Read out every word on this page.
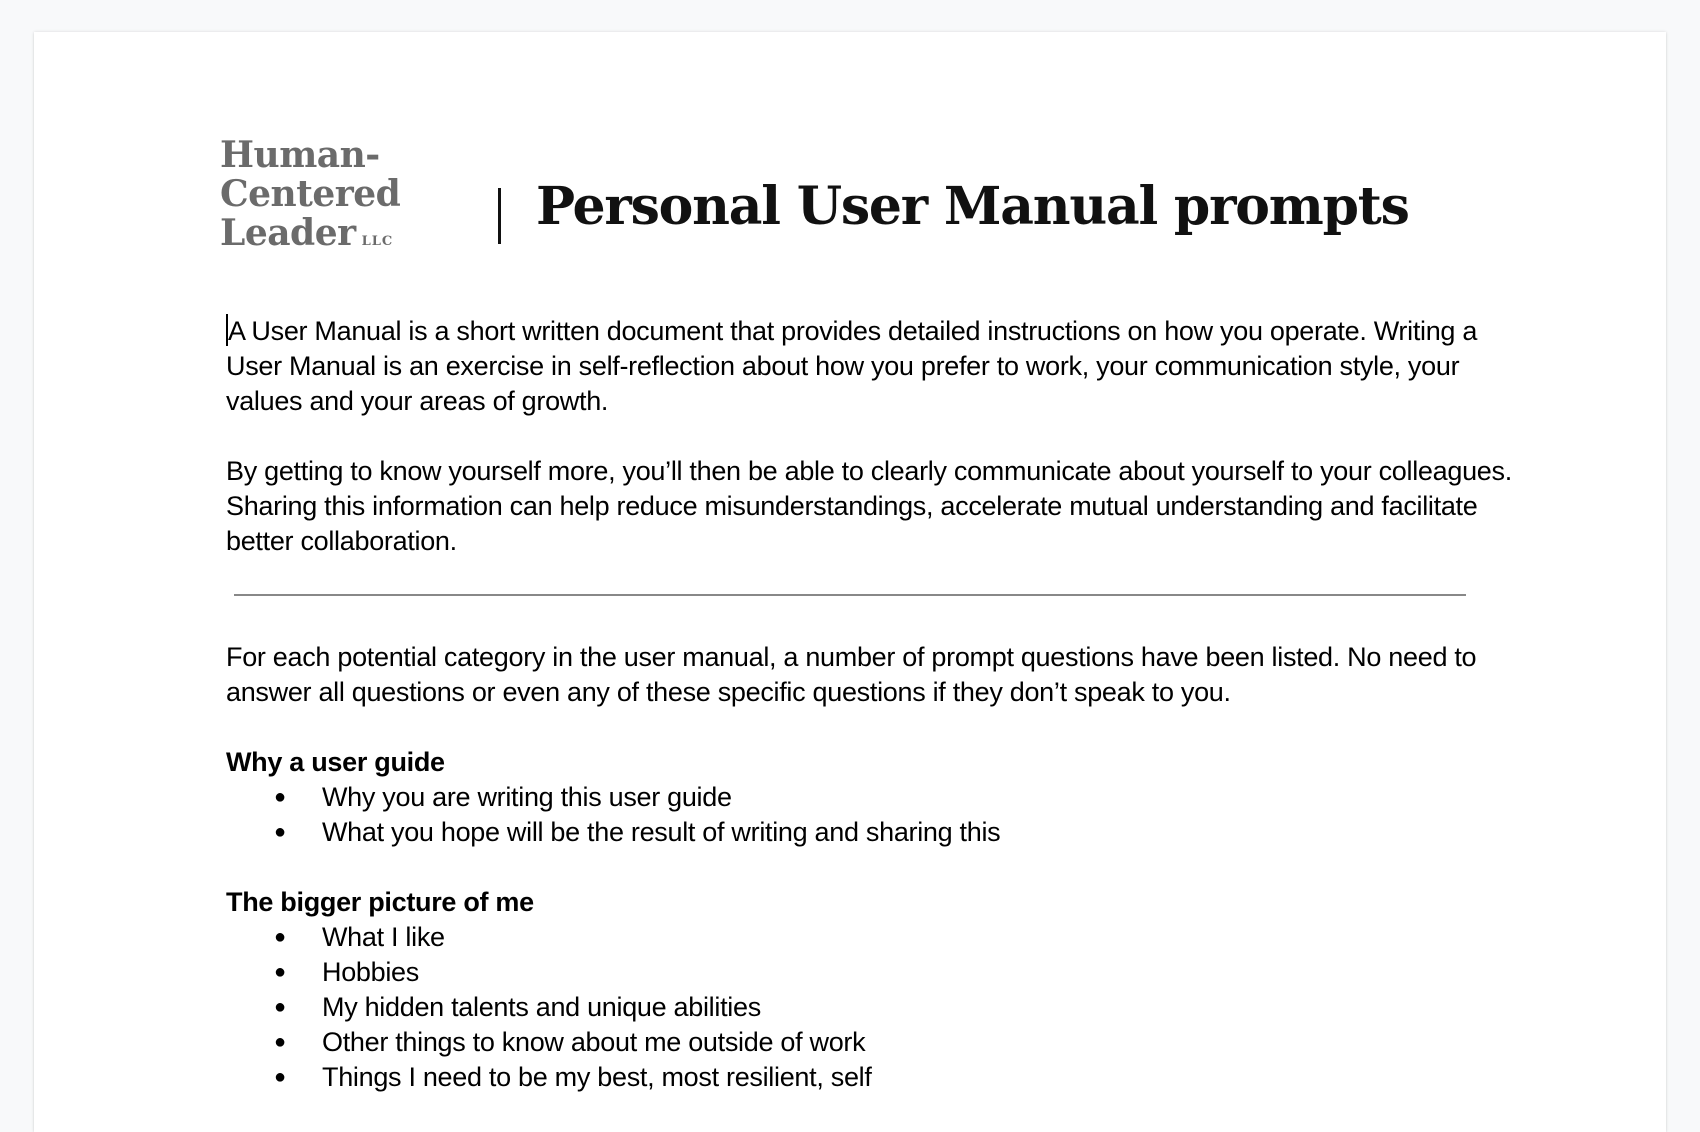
Human-
Centered
Leader LLC
Personal User Manual prompts

A User Manual is a short written document that provides detailed instructions on how you operate. Writing a User Manual is an exercise in self-reflection about how you prefer to work, your communication style, your values and your areas of growth.

By getting to know yourself more, you’ll then be able to clearly communicate about yourself to your colleagues. Sharing this information can help reduce misunderstandings, accelerate mutual understanding and facilitate better collaboration.

For each potential category in the user manual, a number of prompt questions have been listed. No need to answer all questions or even any of these specific questions if they don’t speak to you.

Why a user guide
● Why you are writing this user guide
● What you hope will be the result of writing and sharing this
The bigger picture of me
● What I like
● Hobbies
● My hidden talents and unique abilities
● Other things to know about me outside of work
● Things I need to be my best, most resilient, self
